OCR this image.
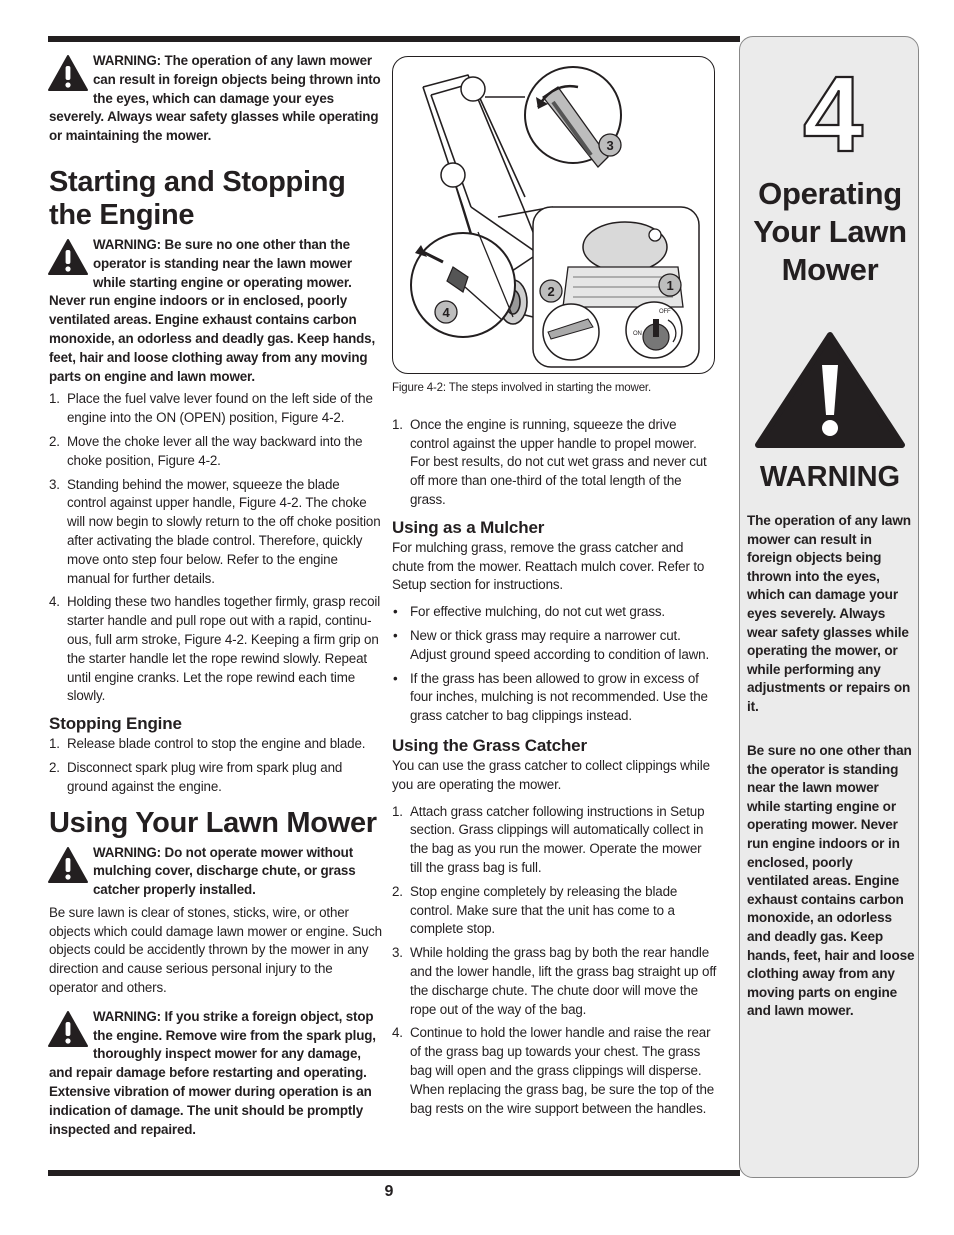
WARNING: The operation of any lawn mower can result in foreign objects being thrown into the eyes, which can damage your eyes severely. Always wear safety glasses while operating or maintaining the mower.
Starting and Stopping the Engine
WARNING: Be sure no one other than the operator is standing near the lawn mower while starting engine or operating mower. Never run engine indoors or in enclosed, poorly ventilated areas. Engine exhaust contains carbon monoxide, an odorless and deadly gas. Keep hands, feet, hair and loose clothing away from any moving parts on engine and lawn mower.
1. Place the fuel valve lever found on the left side of the engine into the ON (OPEN) position, Figure 4-2.
2. Move the choke lever all the way backward into the choke position, Figure 4-2.
3. Standing behind the mower, squeeze the blade control against upper handle, Figure 4-2. The choke will now begin to slowly return to the off choke position after activating the blade control. Therefore, quickly move onto step four below. Refer to the engine manual for further details.
4. Holding these two handles together firmly, grasp recoil starter handle and pull rope out with a rapid, continu-ous, full arm stroke, Figure 4-2. Keeping a firm grip on the starter handle let the rope rewind slowly. Repeat until engine cranks. Let the rope rewind each time slowly.
Stopping Engine
1. Release blade control to stop the engine and blade.
2. Disconnect spark plug wire from spark plug and ground against the engine.
Using Your Lawn Mower
WARNING: Do not operate mower without mulching cover, discharge chute, or grass catcher properly installed.

Be sure lawn is clear of stones, sticks, wire, or other objects which could damage lawn mower or engine. Such objects could be accidently thrown by the mower in any direction and cause serious personal injury to the operator and others.

WARNING: If you strike a foreign object, stop the engine. Remove wire from the spark plug, thoroughly inspect mower for any damage, and repair damage before restarting and operating. Extensive vibration of mower during operation is an indication of damage. The unit should be promptly inspected and repaired.
3
1
2
4	OFF
ON
Figure 4-2: The steps involved in starting the mower.
1. Once the engine is running, squeeze the drive control against the upper handle to propel mower. For best results, do not cut wet grass and never cut off more than one-third of the total length of the grass.
Using as a Mulcher

For mulching grass, remove the grass catcher and chute from the mower. Reattach mulch cover. Refer to Setup section for instructions.

• For effective mulching, do not cut wet grass.
• New or thick grass may require a narrower cut. Adjust ground speed according to condition of lawn.
• If the grass has been allowed to grow in excess of four inches, mulching is not recommended. Use the grass catcher to bag clippings instead.
Using the Grass Catcher

You can use the grass catcher to collect clippings while you are operating the mower.

1. Attach grass catcher following instructions in Setup section. Grass clippings will automatically collect in the bag as you run the mower. Operate the mower till the grass bag is full.
2. Stop engine completely by releasing the blade control. Make sure that the unit has come to a complete stop.
3. While holding the grass bag by both the rear handle and the lower handle, lift the grass bag straight up off the discharge chute. The chute door will move the rope out of the way of the bag.
4. Continue to hold the lower handle and raise the rear of the grass bag up towards your chest. The grass bag will open and the grass clippings will disperse. When replacing the grass bag, be sure the top of the bag rests on the wire support between the handles.
4
Operating Your Lawn Mower
WARNING
The operation of any lawn mower can result in foreign objects being thrown into the eyes, which can damage your eyes severely. Always wear safety glasses while operating the mower, or while performing any adjustments or repairs on it.
Be sure no one other than the operator is standing near the lawn mower while starting engine or operating mower. Never run engine indoors or in enclosed, poorly ventilated areas. Engine exhaust contains carbon monoxide, an odorless and deadly gas. Keep hands, feet, hair and loose clothing away from any moving parts on engine and lawn mower.
9
